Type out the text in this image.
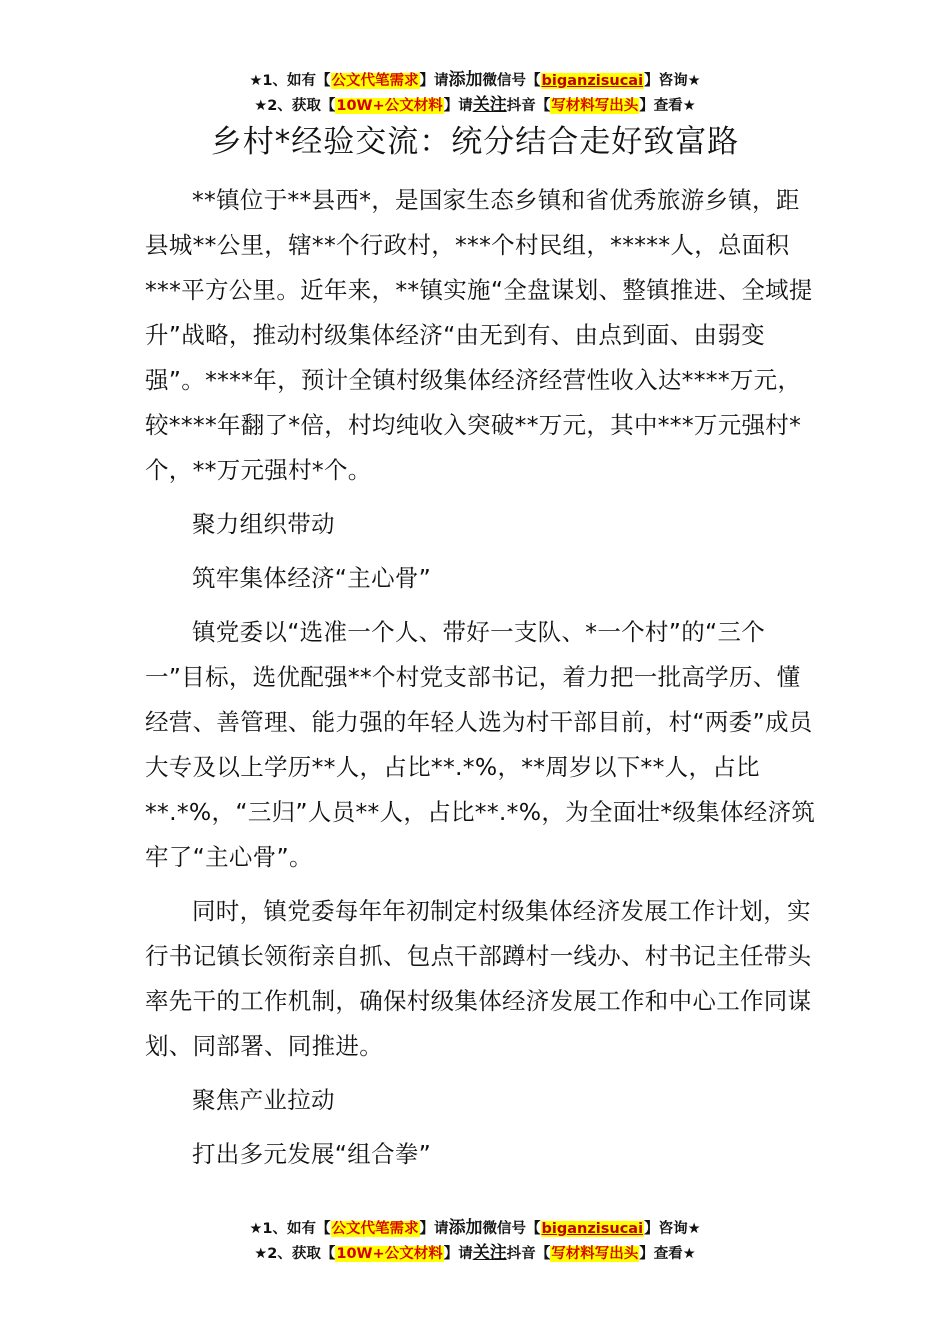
★1、如有【公文代笔需求】请添加微信号【biganzisucai】咨询★
★2、获取【10W+公文材料】请关注抖音【写材料写出头】查看★
乡村*经验交流：统分结合走好致富路

**镇位于**县西*，是国家生态乡镇和省优秀旅游乡镇，距县城**公里，辖**个行政村，***个村民组，*****人，总面积***平方公里。近年来，**镇实施“全盘谋划、整镇推进、全域提升”战略，推动村级集体经济“由无到有、由点到面、由弱变强”。****年，预计全镇村级集体经济经营性收入达****万元，较****年翻了*倍，村均纯收入突破**万元，其中***万元强村*个，**万元强村*个。

聚力组织带动

筑牢集体经济“主心骨”

镇党委以“选准一个人、带好一支队、*一个村”的“三个一”目标，选优配强**个村党支部书记，着力把一批高学历、懂经营、善管理、能力强的年轻人选为村干部目前，村“两委”成员大专及以上学历**人，占比**.*%，**周岁以下**人，占比**.*%，“三归”人员**人，占比**.*%，为全面壮*级集体经济筑牢了“主心骨”。

同时，镇党委每年年初制定村级集体经济发展工作计划，实行书记镇长领衔亲自抓、包点干部蹲村一线办、村书记主任带头率先干的工作机制，确保村级集体经济发展工作和中心工作同谋划、同部署、同推进。

聚焦产业拉动

打出多元发展“组合拳”

★1、如有【公文代笔需求】请添加微信号【biganzisucai】咨询★
★2、获取【10W+公文材料】请关注抖音【写材料写出头】查看★
